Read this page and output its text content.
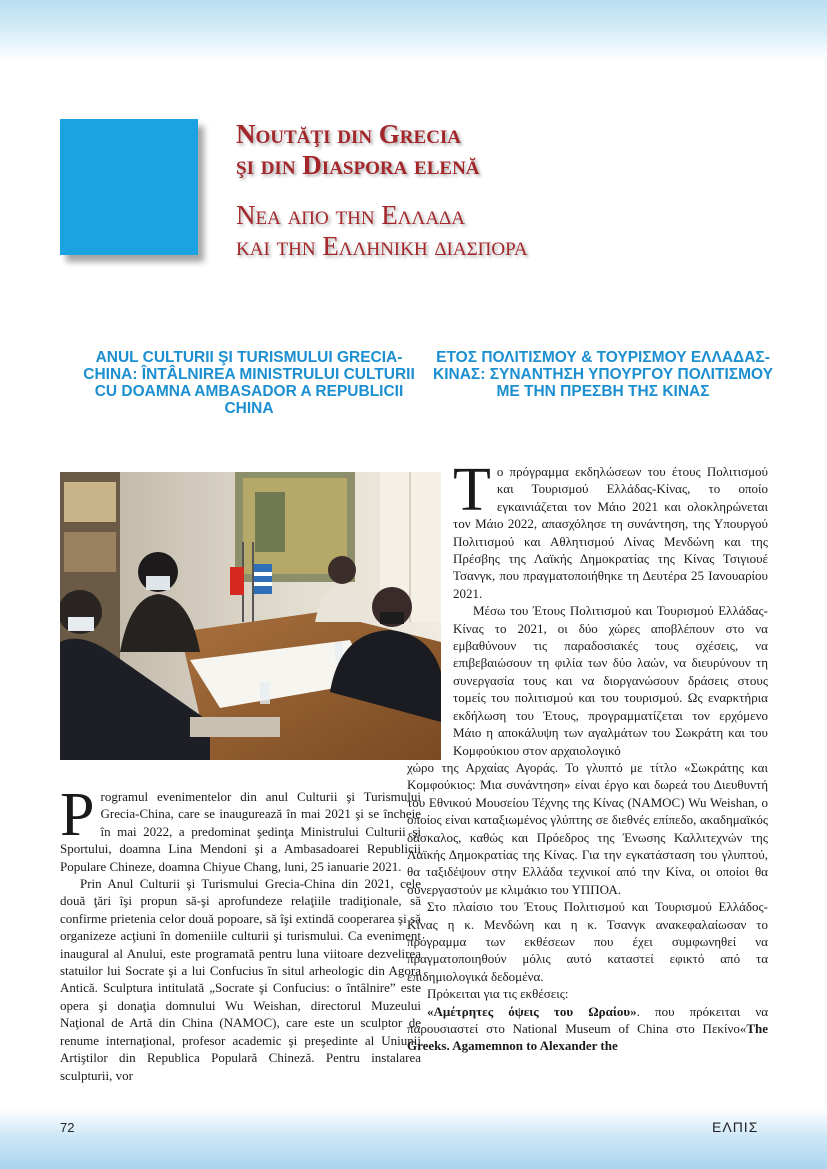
Noutăţi din Grecia
şi din Diaspora elenă
Νεα απο την Ελλαδα
και την Ελληνικη διασπορα
ANUL CULTURII ŞI TURISMULUI GRECIA-CHINA: ÎNTÂLNIREA MINISTRULUI CULTURII CU DOAMNA AMBASADOR A REPUBLICII CHINA
ΕΤΟΣ ΠΟΛΙΤΙΣΜΟΥ & ΤΟΥΡΙΣΜΟΥ ΕΛΛΑΔΑΣ-ΚΙΝΑΣ: ΣΥΝΑΝΤΗΣΗ ΥΠΟΥΡΓΟΥ ΠΟΛΙΤΙΣΜΟΥ ΜΕ ΤΗΝ ΠΡΕΣΒΗ ΤΗΣ ΚΙΝΑΣ

Programul evenimentelor din anul Culturii şi Turismului Grecia-China, care se inaugurează în mai 2021 şi se încheie în mai 2022, a predominat şedinţa Ministrului Culturii şi Sportului, doamna Lina Mendoni şi a Ambasadoarei Republicii Populare Chineze, doamna Chiyue Chang, luni, 25 ianuarie 2021.

Prin Anul Culturii şi Turismului Grecia-China din 2021, cele două ţări îşi propun să-şi aprofundeze relaţiile tradiţionale, să confirme prietenia celor două popoare, să îşi extindă cooperarea şi să organizeze acţiuni în domeniile culturii şi turismului. Ca eveniment inaugural al Anului, este programată pentru luna viitoare dezvelirea statuilor lui Socrate şi a lui Confucius în situl arheologic din Agora Antică. Sculptura intitulată „Socrate şi Confucius: o întâlnire” este opera şi donaţia domnului Wu Weishan, directorul Muzeului Naţional de Artă din China (NAMOC), care este un sculptor de renume internaţional, profesor academic şi preşedinte al Uniunii Artiştilor din Republica Populară Chineză. Pentru instalarea sculpturii, vor

Το πρόγραμμα εκδηλώσεων του έτους Πολιτισμού και Τουρισμού Ελλάδας-Κίνας, το οποίο εγκαινιάζεται τον Μάιο 2021 και ολοκληρώνεται τον Μάιο 2022, απασχόλησε τη συνάντηση, της Υπουργού Πολιτισμού και Αθλητισμού Λίνας Μενδώνη και της Πρέσβης της Λαϊκής Δημοκρατίας της Κίνας Τσιγιουέ Τσανγκ, που πραγματοποιήθηκε τη Δευτέρα 25 Ιανουαρίου 2021.

Μέσω του Έτους Πολιτισμού και Τουρισμού Ελλάδας-Κίνας το 2021, οι δύο χώρες αποβλέπουν στο να εμβαθύνουν τις παραδοσιακές τους σχέσεις, να επιβεβαιώσουν τη φιλία των δύο λαών, να διευρύνουν τη συνεργασία τους και να διοργανώσουν δράσεις στους τομείς του πολιτισμού και του τουρισμού. Ως εναρκτήρια εκδήλωση του Έτους, προγραμματίζεται τον ερχόμενο Μάιο η αποκάλυψη των αγαλμάτων του Σωκράτη και του Κομφούκιου στον αρχαιολογικό

χώρο της Αρχαίας Αγοράς. Το γλυπτό με τίτλο «Σωκράτης και Κομφούκιος: Μια συνάντηση» είναι έργο και δωρεά του Διευθυντή του Εθνικού Μουσείου Τέχνης της Κίνας (NAMOC) Wu Weishan, ο οποίος είναι καταξιωμένος γλύπτης σε διεθνές επίπεδο, ακαδημαϊκός δάσκαλος, καθώς και Πρόεδρος της Ένωσης Καλλιτεχνών της Λαϊκής Δημοκρατίας της Κίνας. Για την εγκατάσταση του γλυπτού, θα ταξιδέψουν στην Ελλάδα τεχνικοί από την Κίνα, οι οποίοι θα συνεργαστούν με κλιμάκιο του ΥΠΠΟΑ.

Στο πλαίσιο του Έτους Πολιτισμού και Τουρισμού Ελλάδος-Κίνας η κ. Μενδώνη και η κ. Τσανγκ ανακεφαλαίωσαν το πρόγραμμα των εκθέσεων που έχει συμφωνηθεί να πραγματοποιηθούν μόλις αυτό καταστεί εφικτό από τα επιδημιολογικά δεδομένα.

Πρόκειται για τις εκθέσεις:

«Αμέτρητες όψεις του Ωραίου». που πρόκειται να παρουσιαστεί στο National Museum of China στο Πεκίνο«The Greeks. Agamemnon to Alexander the

72	ΕΛΠΙΣ
